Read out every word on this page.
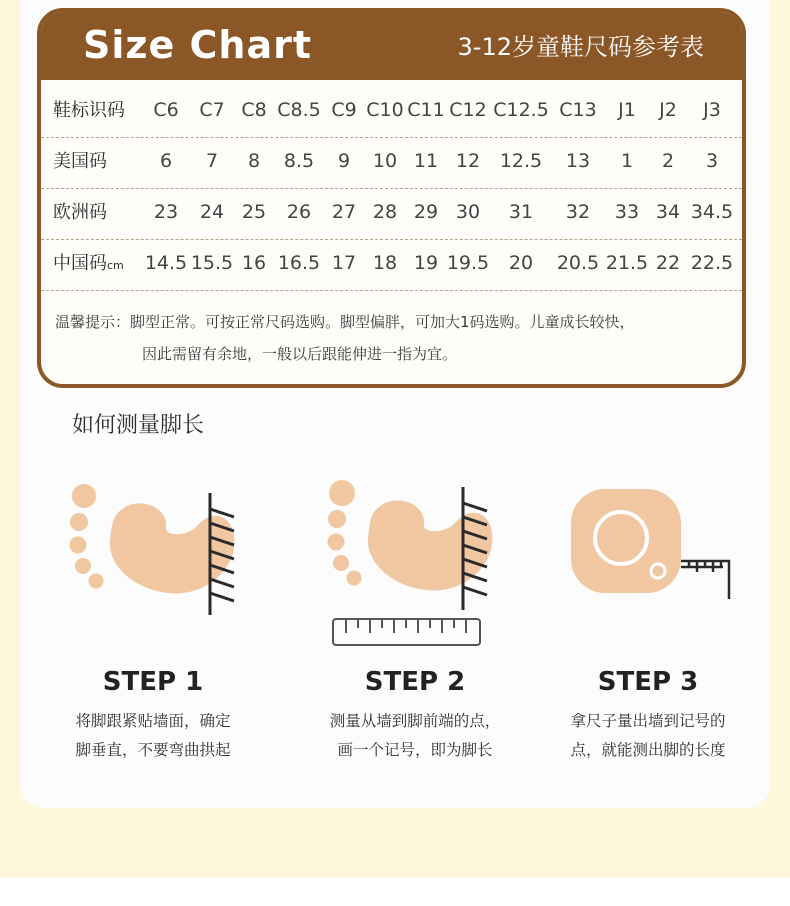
Size Chart	3-12岁童鞋尺码参考表
鞋标识码 C6 C7 C8 C8.5 C9 C10 C11 C12 C12.5 C13 J1 J2 J3
美国码	6 7 8 8.5 9 10 11 12 12.5 13 1 2 3
欧洲码 23 24 25 26 27 28 29 30 31 32 33 34 34.5
中国码cm 14.5 15.5 16 16.5 17 18 19 19.5 20 20.5 21.5 22 22.5
温馨提示：脚型正常。可按正常尺码选购。脚型偏胖，可加大1码选购。儿童成长较快，
因此需留有余地，一般以后跟能伸进一指为宜。
如何测量脚长
STEP 1
将脚跟紧贴墙面，确定
脚垂直，不要弯曲拱起
STEP 2
测量从墙到脚前端的点，
画一个记号，即为脚长
STEP 3
拿尺子量出墙到记号的
点，就能测出脚的长度
